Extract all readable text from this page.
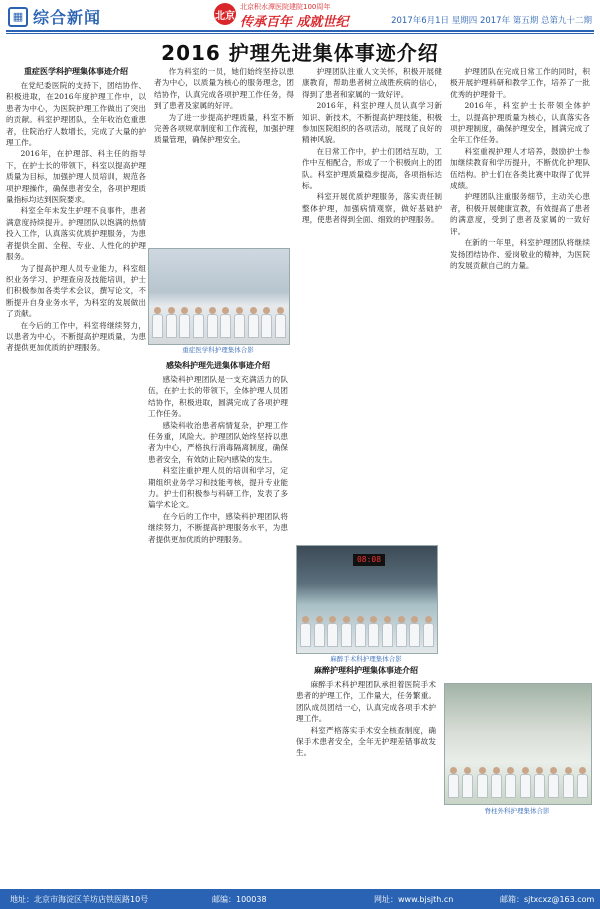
▦ 综合新闻	北京
北京积水潭医院建院100周年
传承百年 成就世纪	2017年6月1日 星期四 2017年 第五期 总第九十二期
2016 护理先进集体事迹介绍
重症医学科护理集体事迹介绍

在党纪委医院的支持下，团结协作、积极进取，在2016年度护理工作中，以患者为中心，为医院护理工作做出了突出的贡献。科室护理团队，全年收治危重患者，住院治疗人数增长，完成了大量的护理工作。

2016年，在护理部、科主任的指导下，在护士长的带领下，科室以提高护理质量为目标，加强护理人员培训，规范各项护理操作，确保患者安全，各项护理质量指标均达到医院要求。

科室全年未发生护理不良事件，患者满意度持续提升。护理团队以饱满的热情投入工作，认真落实优质护理服务，为患者提供全面、全程、专业、人性化的护理服务。

为了提高护理人员专业能力，科室组织业务学习、护理查房及技能培训，护士们积极参加各类学术会议，撰写论文，不断提升自身业务水平，为科室的发展做出了贡献。

在今后的工作中，科室将继续努力，以患者为中心，不断提高护理质量，为患者提供更加优质的护理服务。

作为科室的一员，她们始终坚持以患者为中心，以质量为核心的服务理念，团结协作，认真完成各项护理工作任务，得到了患者及家属的好评。

为了进一步提高护理质量，科室不断完善各项规章制度和工作流程，加强护理质量管理，确保护理安全。

护理团队注重人文关怀，积极开展健康教育，帮助患者树立战胜疾病的信心，得到了患者和家属的一致好评。

2016年，科室护理人员认真学习新知识、新技术，不断提高护理技能，积极参加医院组织的各项活动，展现了良好的精神风貌。

在日常工作中，护士们团结互助，工作中互相配合，形成了一个积极向上的团队。科室护理质量稳步提高，各项指标达标。

科室开展优质护理服务，落实责任制整体护理，加强病情观察，做好基础护理，使患者得到全面、细致的护理服务。

护理团队在完成日常工作的同时，积极开展护理科研和教学工作，培养了一批优秀的护理骨干。

2016年，科室护士长带领全体护士，以提高护理质量为核心，认真落实各项护理制度，确保护理安全，圆满完成了全年工作任务。

科室重视护理人才培养，鼓励护士参加继续教育和学历提升，不断优化护理队伍结构。护士们在各类比赛中取得了优异成绩。

护理团队注重服务细节，主动关心患者，积极开展健康宣教，有效提高了患者的满意度，受到了患者及家属的一致好评。

在新的一年里，科室护理团队将继续发扬团结协作、爱岗敬业的精神，为医院的发展贡献自己的力量。

重症医学科护理集体合影
感染科护理先进集体事迹介绍

感染科护理团队是一支充满活力的队伍，在护士长的带领下，全体护理人员团结协作，积极进取，圆满完成了各项护理工作任务。

感染科收治患者病情复杂，护理工作任务重，风险大。护理团队始终坚持以患者为中心，严格执行消毒隔离制度，确保患者安全，有效防止院内感染的发生。

科室注重护理人员的培训和学习，定期组织业务学习和技能考核，提升专业能力。护士们积极参与科研工作，发表了多篇学术论文。

在今后的工作中，感染科护理团队将继续努力，不断提高护理服务水平，为患者提供更加优质的护理服务。

08:08
麻醉手术科护理集体合影
麻醉护理科护理集体事迹介绍

麻醉手术科护理团队承担着医院手术患者的护理工作，工作量大，任务繁重。团队成员团结一心，认真完成各项手术护理工作。

科室严格落实手术安全核查制度，确保手术患者安全，全年无护理差错事故发生。

脊柱外科护理集体合影
地址：北京市海淀区羊坊店铁医路10号	邮编：100038	网址：www.bjsjth.cn	邮箱：sjtxcxz@163.com
